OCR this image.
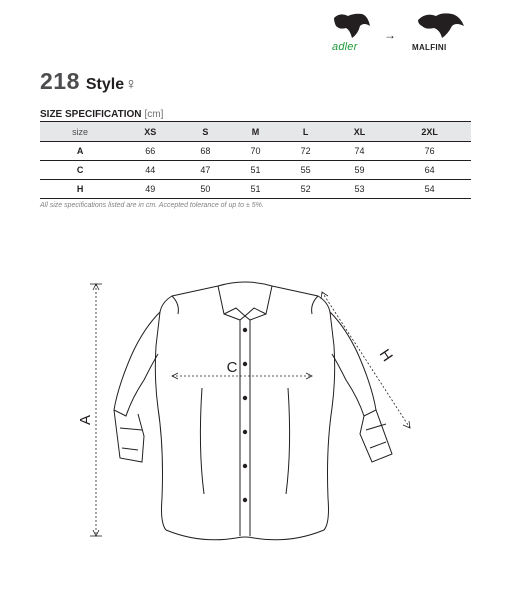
adler
→
MALFINI
218 Style ♀
SIZE SPECIFICATION [cm]
size	XS	S	M	L	XL	2XL
A	66	68	70	72	74	76
C	44	47	51	55	59	64
H	49	50	51	52	53	54
All size specifications listed are in cm. Accepted tolerance of up to ± 5%.
A
C
H
